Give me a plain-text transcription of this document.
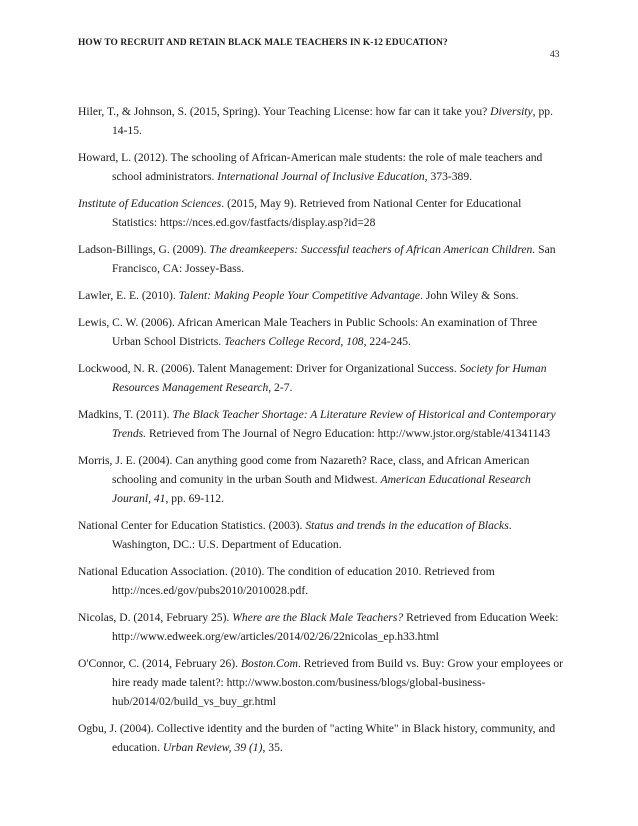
HOW TO RECRUIT AND RETAIN BLACK MALE TEACHERS IN K-12 EDUCATION?
43

Hiler, T., & Johnson, S. (2015, Spring). Your Teaching License: how far can it take you? Diversity, pp. 14-15.

Howard, L. (2012). The schooling of African-American male students: the role of male teachers and school administrators. International Journal of Inclusive Education, 373-389.

Institute of Education Sciences. (2015, May 9). Retrieved from National Center for Educational Statistics: https://nces.ed.gov/fastfacts/display.asp?id=28

Ladson-Billings, G. (2009). The dreamkeepers: Successful teachers of African American Children. San Francisco, CA: Jossey-Bass.

Lawler, E. E. (2010). Talent: Making People Your Competitive Advantage. John Wiley & Sons.

Lewis, C. W. (2006). African American Male Teachers in Public Schools: An examination of Three Urban School Districts. Teachers College Record, 108, 224-245.

Lockwood, N. R. (2006). Talent Management: Driver for Organizational Success. Society for Human Resources Management Research, 2-7.

Madkins, T. (2011). The Black Teacher Shortage: A Literature Review of Historical and Contemporary Trends. Retrieved from The Journal of Negro Education: http://www.jstor.org/stable/41341143

Morris, J. E. (2004). Can anything good come from Nazareth? Race, class, and African American schooling and comunity in the urban South and Midwest. American Educational Research Jouranl, 41, pp. 69-112.

National Center for Education Statistics. (2003). Status and trends in the education of Blacks. Washington, DC.: U.S. Department of Education.

National Education Association. (2010). The condition of education 2010. Retrieved from http://nces.ed/gov/pubs2010/2010028.pdf.

Nicolas, D. (2014, February 25). Where are the Black Male Teachers? Retrieved from Education Week: http://www.edweek.org/ew/articles/2014/02/26/22nicolas_ep.h33.html

O'Connor, C. (2014, February 26). Boston.Com. Retrieved from Build vs. Buy: Grow your employees or hire ready made talent?: http://www.boston.com/business/blogs/global-business-hub/2014/02/build_vs_buy_gr.html

Ogbu, J. (2004). Collective identity and the burden of "acting White" in Black history, community, and education. Urban Review, 39 (1), 35.
